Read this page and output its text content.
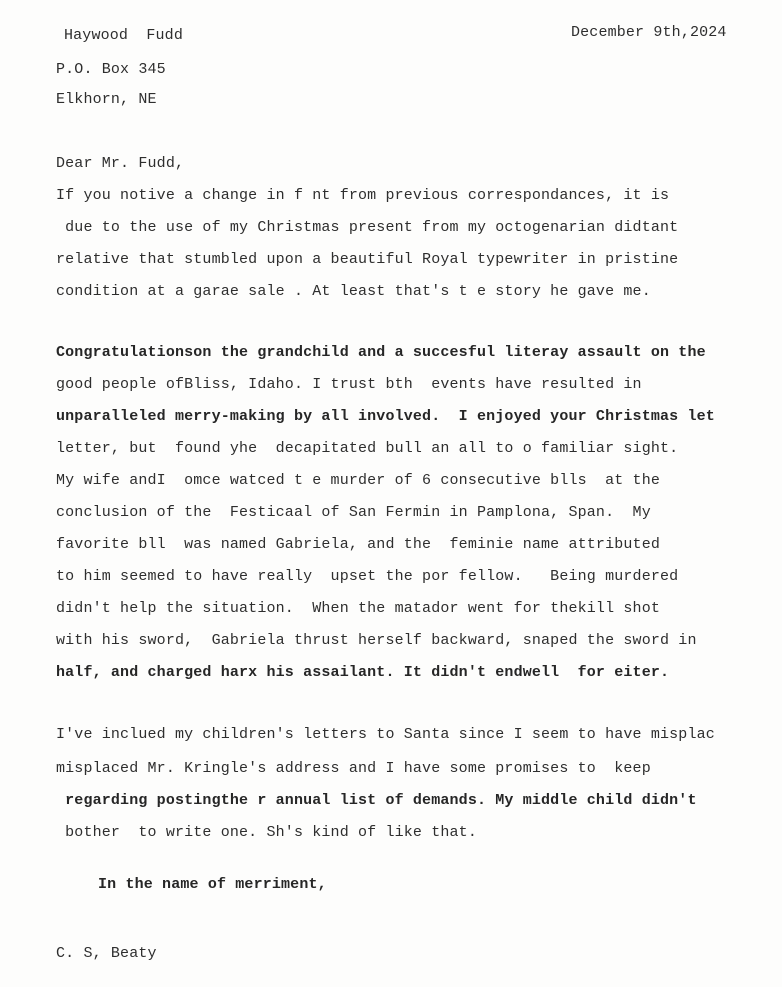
Haywood  Fudd	December 9th,2024
P.O. Box 345
Elkhorn, NE
Dear Mr. Fudd,
If you notive a change in f nt from previous correspondances, it is
due to the use of my Christmas present from my octogenarian didtant
relative that stumbled upon a beautiful Royal typewriter in pristine
condition at a garae sale . At least that's t e story he gave me.
Congratulationson the grandchild and a succesful literay assault on the
good people ofBliss, Idaho. I trust bth  events have resulted in
unparalleled merry-making by all involved.  I enjoyed your Christmas let
letter, but  found yhe  decapitated bull an all to o familiar sight.
My wife andI  omce watced t e murder of 6 consecutive blls  at the
conclusion of the  Festicaal of San Fermin in Pamplona, Span.  My
favorite bll  was named Gabriela, and the  feminie name attributed
to him seemed to have really  upset the por fellow.   Being murdered
didn't help the situation.  When the matador went for thekill shot
with his sword,  Gabriela thrust herself backward, snaped the sword in
half, and charged harx his assailant. It didn't endwell  for eiter.
I've inclued my children's letters to Santa since I seem to have misplac
misplaced Mr. Kringle's address and I have some promises to  keep
regarding postingthe r annual list of demands. My middle child didn't
bother  to write one. Sh's kind of like that.
In the name of merriment,
C. S, Beaty
